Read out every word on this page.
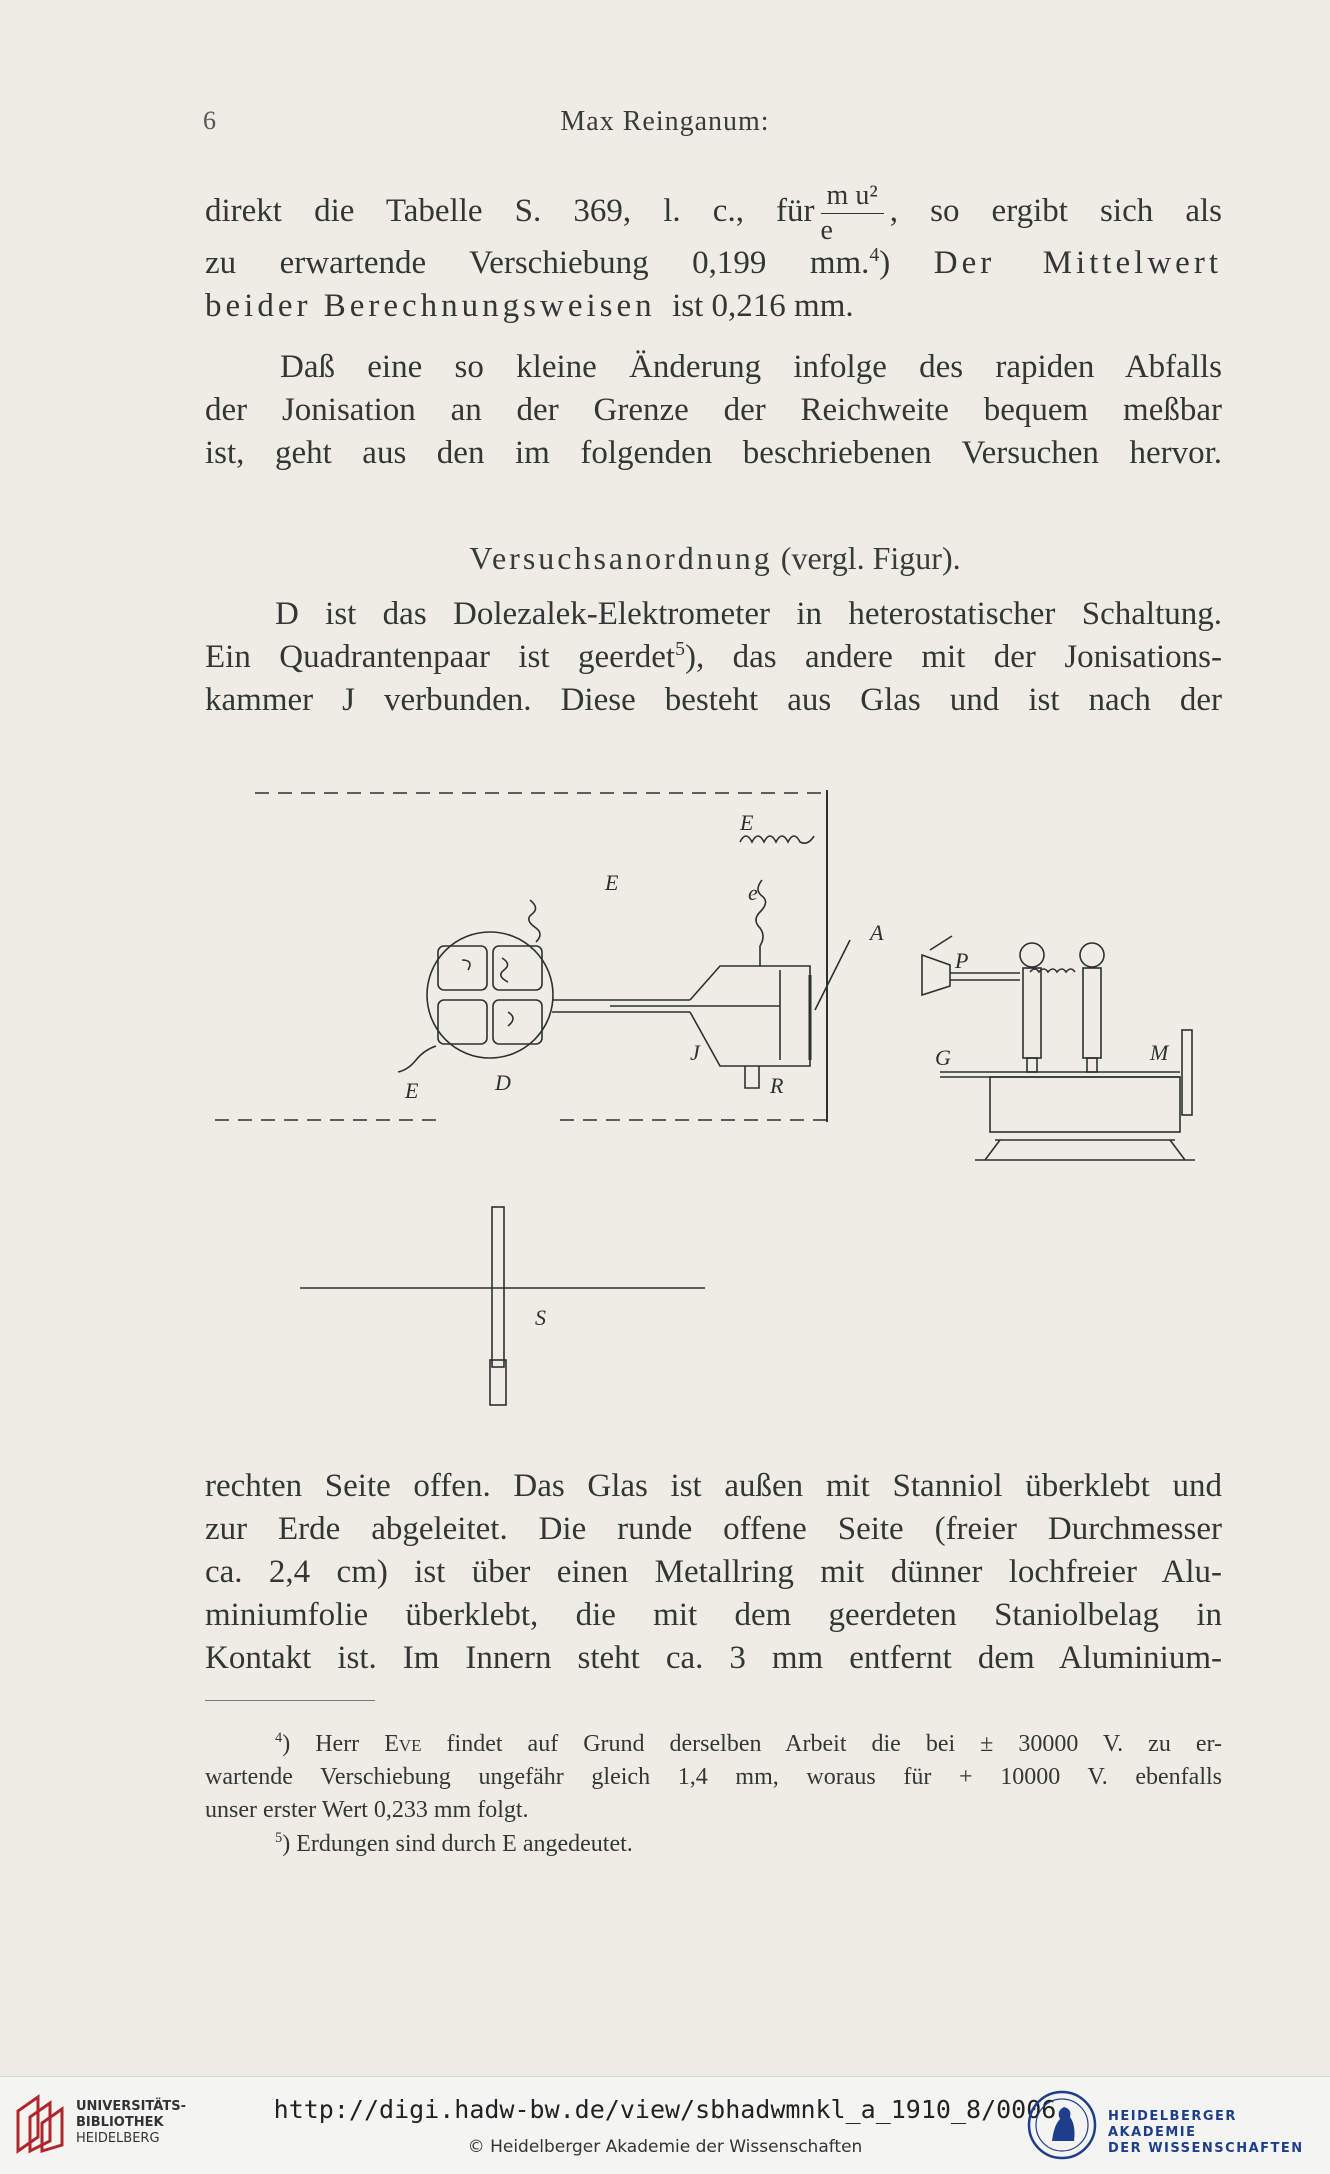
6	Max Reinganum:
direkt die Tabelle S. 369, l. c., für $\frac{\text{m u²}}{e}$ , so ergibt sich als
zu erwartende Verschiebung 0,199 mm.$^4$) Der Mittelwert
beider Berechnungsweisen ist 0,216 mm.
Daß eine so kleine Änderung infolge des rapiden Abfalls
der Jonisation an der Grenze der Reichweite bequem meßbar
ist, geht aus den im folgenden beschriebenen Versuchen hervor.
Versuchsanordnung (vergl. Figur).
D ist das Dolezalek-Elektrometer in heterostatischer Schaltung.
Ein Quadrantenpaar ist geerdet$^5$), das andere mit der Jonisations-
kammer J verbunden. Diese besteht aus Glas und ist nach der
E
E
E
e
D
J
R
A
P
G	M
S
rechten Seite offen. Das Glas ist außen mit Stanniol überklebt und
zur Erde abgeleitet. Die runde offene Seite (freier Durchmesser
ca. 2,4 cm) ist über einen Metallring mit dünner lochfreier Alu-
miniumfolie überklebt, die mit dem geerdeten Staniolbelag in
Kontakt ist. Im Innern steht ca. 3 mm entfernt dem Aluminium-
$^4$) Herr Eve findet auf Grund derselben Arbeit die bei ± 30000 V. zu er-
wartende Verschiebung ungefähr gleich 1,4 mm, woraus für + 10000 V. ebenfalls
unser erster Wert 0,233 mm folgt.
$^5$) Erdungen sind durch E angedeutet.
UNIVERSITÄTS-
BIBLIOTHEK
HEIDELBERG
http://digi.hadw-bw.de/view/sbhadwmnkl_a_1910_8/0006
© Heidelberger Akademie der Wissenschaften
HEIDELBERGER AKADEMIE
DER WISSENSCHAFTEN
